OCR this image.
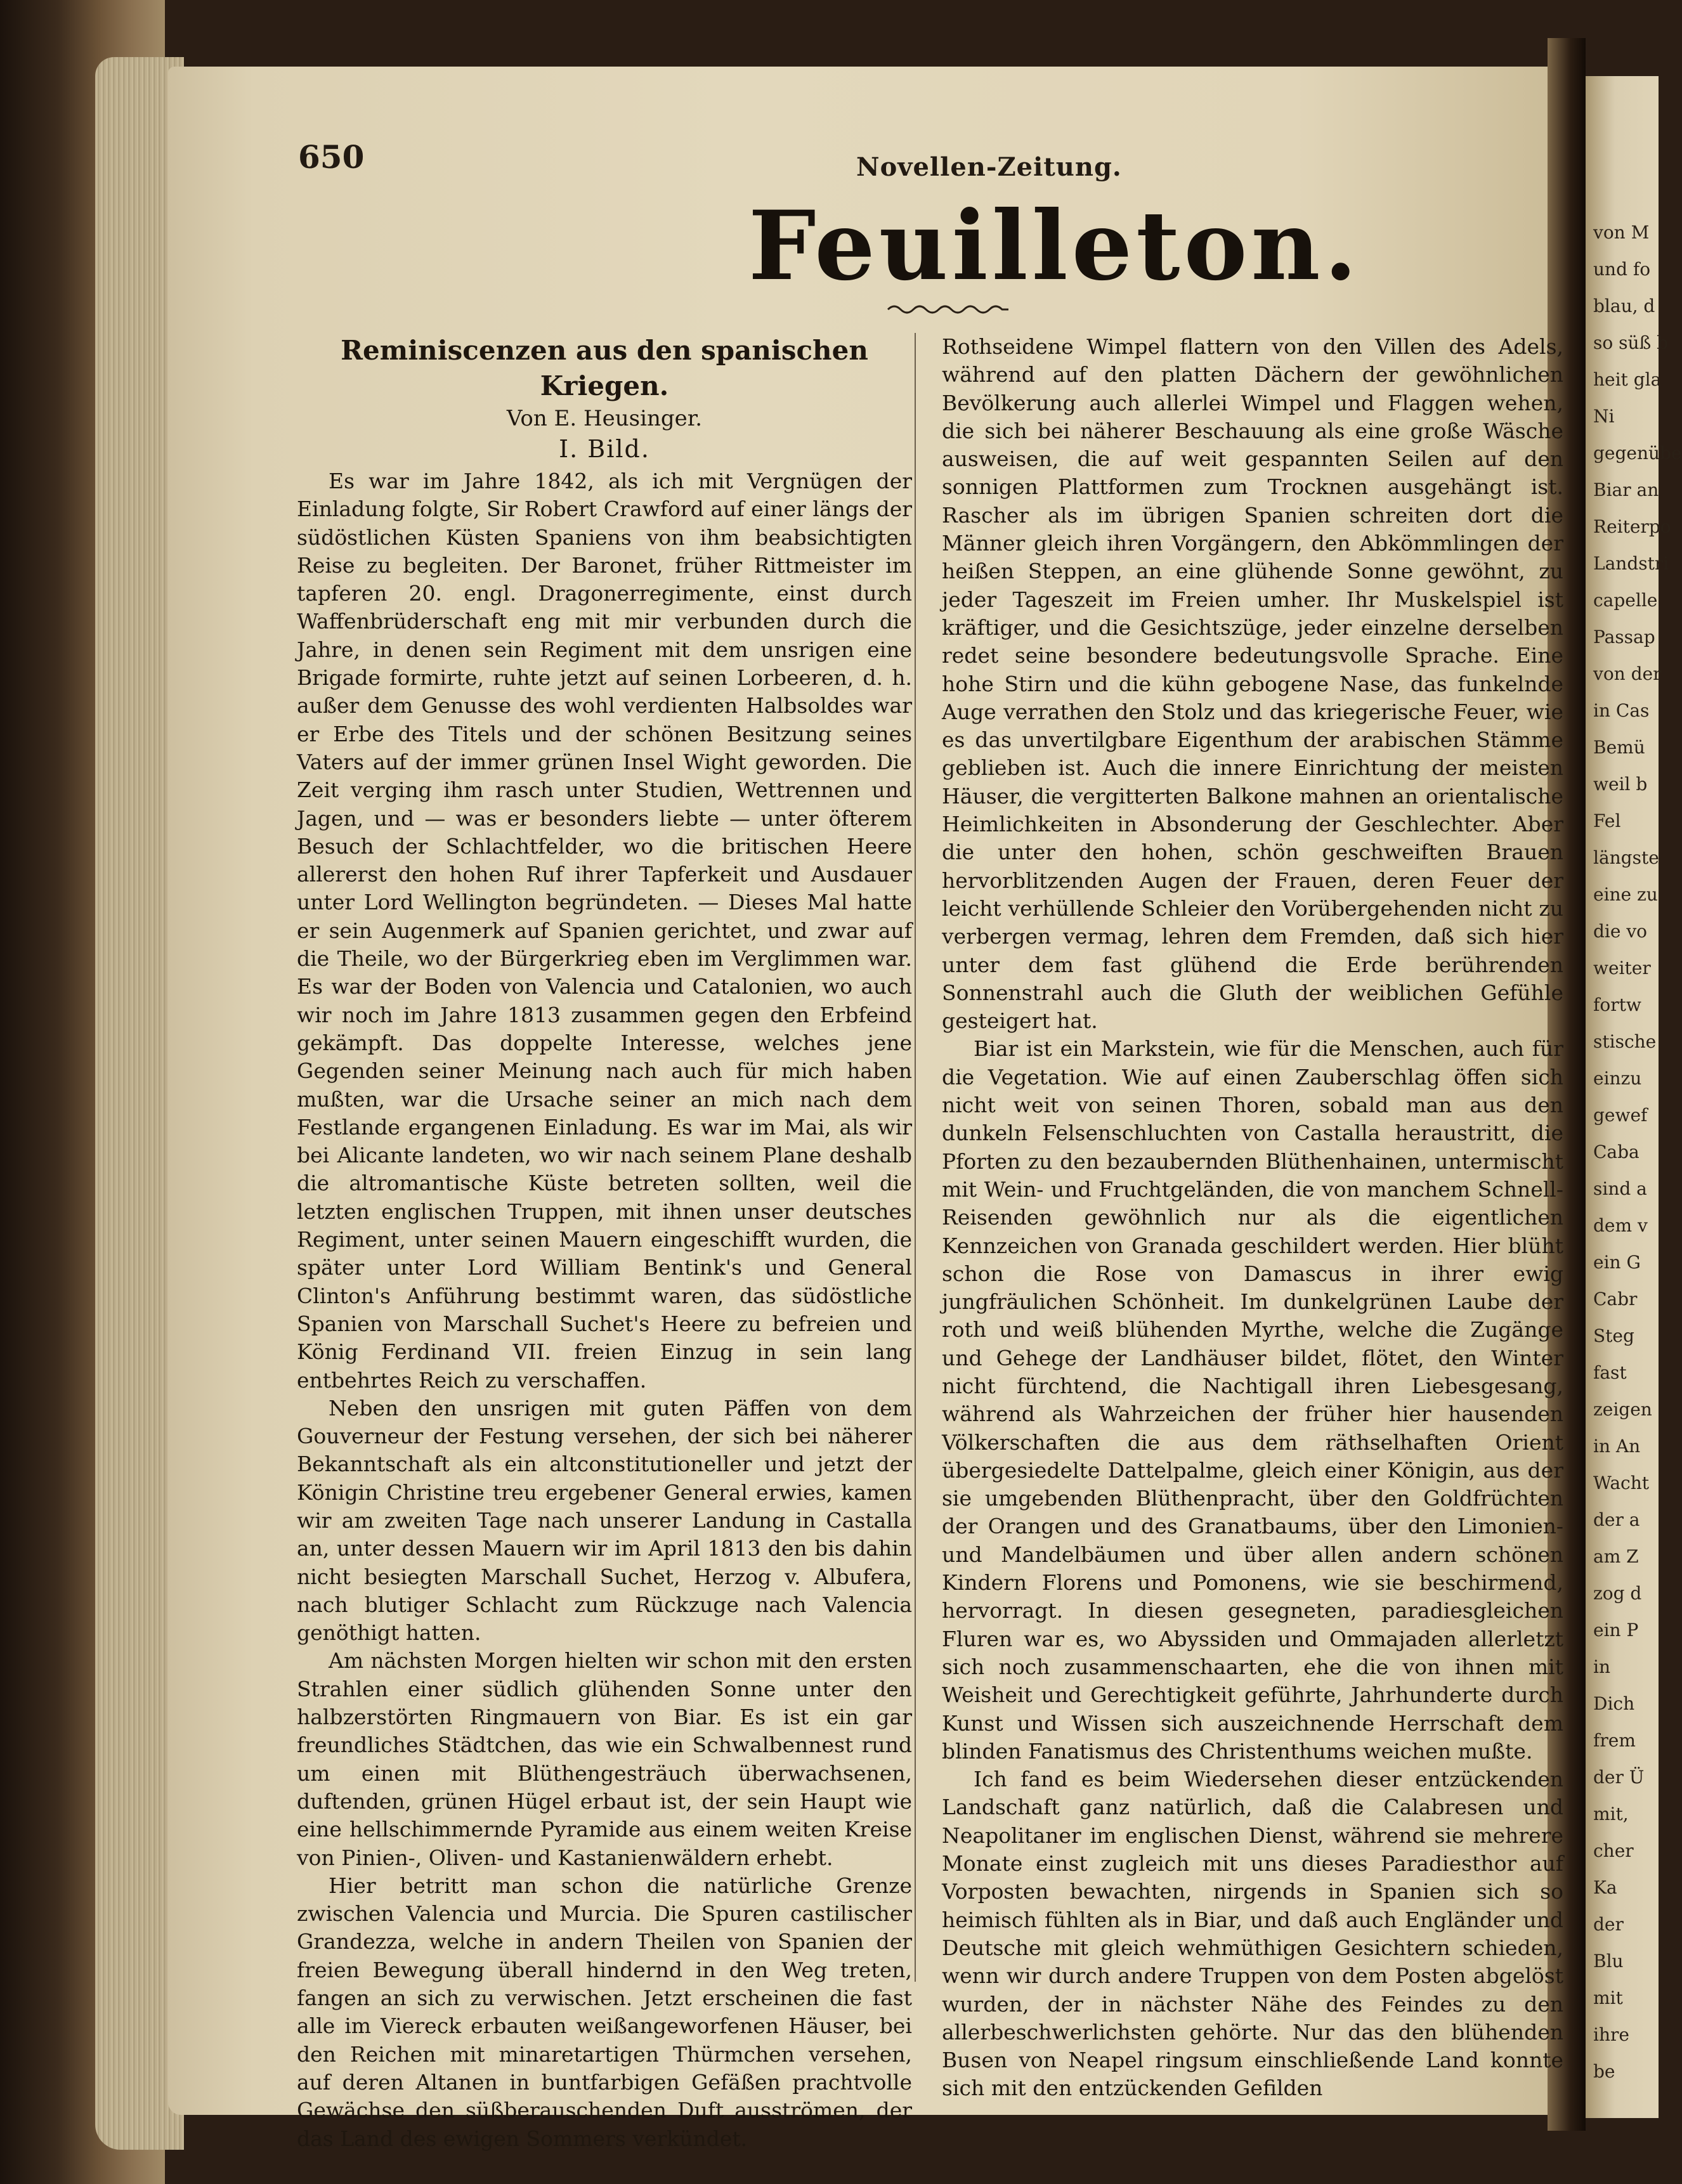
von M
und fo
blau, d
so süß b
heit gla
Ni
gegenübe
Biar an
Reiterpo
Landstri
capelle
Passap
von der
in Cas
Bemü
weil b
Fel
längste
eine zu
die vo
weiter
fortw
stische
einzu
gewef
Caba
sind a
dem v
ein G
Cabr
Steg
fast
zeigen
in An
Wacht
der a
am Z
zog d
ein P
in
Dich
frem
der Ü
mit,
cher
Ka
der
Blu
mit
ihre
be
650	Novellen-Zeitung.
Feuilleton.

Reminiscenzen aus den spanischen Kriegen.

Von E. Heusinger.

I. Bild.

Es war im Jahre 1842, als ich mit Vergnügen der Einladung folgte, Sir Robert Crawford auf einer längs der südöstlichen Küsten Spaniens von ihm beabsichtigten Reise zu begleiten. Der Baronet, früher Rittmeister im tapferen 20. engl. Dragonerregimente, einst durch Waffenbrüderschaft eng mit mir verbunden durch die Jahre, in denen sein Regiment mit dem unsrigen eine Brigade formirte, ruhte jetzt auf seinen Lorbeeren, d. h. außer dem Genusse des wohl verdienten Halbsoldes war er Erbe des Titels und der schönen Besitzung seines Vaters auf der immer grünen Insel Wight geworden. Die Zeit verging ihm rasch unter Studien, Wettrennen und Jagen, und — was er besonders liebte — unter öfterem Besuch der Schlachtfelder, wo die britischen Heere allererst den hohen Ruf ihrer Tapferkeit und Ausdauer unter Lord Wellington begründeten. — Dieses Mal hatte er sein Augenmerk auf Spanien gerichtet, und zwar auf die Theile, wo der Bürgerkrieg eben im Verglimmen war. Es war der Boden von Valencia und Catalonien, wo auch wir noch im Jahre 1813 zusammen gegen den Erbfeind gekämpft. Das doppelte Interesse, welches jene Gegenden seiner Meinung nach auch für mich haben mußten, war die Ursache seiner an mich nach dem Festlande ergangenen Einladung. Es war im Mai, als wir bei Alicante landeten, wo wir nach seinem Plane deshalb die altromantische Küste betreten sollten, weil die letzten englischen Truppen, mit ihnen unser deutsches Regiment, unter seinen Mauern eingeschifft wurden, die später unter Lord William Bentink's und General Clinton's Anführung bestimmt waren, das südöstliche Spanien von Marschall Suchet's Heere zu befreien und König Ferdinand VII. freien Einzug in sein lang entbehrtes Reich zu verschaffen.

Neben den unsrigen mit guten Päffen von dem Gouverneur der Festung versehen, der sich bei näherer Bekanntschaft als ein altconstitutioneller und jetzt der Königin Christine treu ergebener General erwies, kamen wir am zweiten Tage nach unserer Landung in Castalla an, unter dessen Mauern wir im April 1813 den bis dahin nicht besiegten Marschall Suchet, Herzog v. Albufera, nach blutiger Schlacht zum Rückzuge nach Valencia genöthigt hatten.

Am nächsten Morgen hielten wir schon mit den ersten Strahlen einer südlich glühenden Sonne unter den halbzerstörten Ringmauern von Biar. Es ist ein gar freundliches Städtchen, das wie ein Schwalbennest rund um einen mit Blüthengesträuch überwachsenen, duftenden, grünen Hügel erbaut ist, der sein Haupt wie eine hellschimmernde Pyramide aus einem weiten Kreise von Pinien-, Oliven- und Kastanienwäldern erhebt.

Hier betritt man schon die natürliche Grenze zwischen Valencia und Murcia. Die Spuren castilischer Grandezza, welche in andern Theilen von Spanien der freien Bewegung überall hindernd in den Weg treten, fangen an sich zu verwischen. Jetzt erscheinen die fast alle im Viereck erbauten weißangeworfenen Häuser, bei den Reichen mit minaretartigen Thürmchen versehen, auf deren Altanen in buntfarbigen Gefäßen prachtvolle Gewächse den süßberauschenden Duft ausströmen, der das Land des ewigen Sommers verkündet.

Rothseidene Wimpel flattern von den Villen des Adels, während auf den platten Dächern der gewöhnlichen Bevölkerung auch allerlei Wimpel und Flaggen wehen, die sich bei näherer Beschauung als eine große Wäsche ausweisen, die auf weit gespannten Seilen auf den sonnigen Plattformen zum Trocknen ausgehängt ist. Rascher als im übrigen Spanien schreiten dort die Männer gleich ihren Vorgängern, den Abkömmlingen der heißen Steppen, an eine glühende Sonne gewöhnt, zu jeder Tageszeit im Freien umher. Ihr Muskelspiel ist kräftiger, und die Gesichtszüge, jeder einzelne derselben redet seine besondere bedeutungsvolle Sprache. Eine hohe Stirn und die kühn gebogene Nase, das funkelnde Auge verrathen den Stolz und das kriegerische Feuer, wie es das unvertilgbare Eigenthum der arabischen Stämme geblieben ist. Auch die innere Einrichtung der meisten Häuser, die vergitterten Balkone mahnen an orientalische Heimlichkeiten in Absonderung der Geschlechter. Aber die unter den hohen, schön geschweiften Brauen hervorblitzenden Augen der Frauen, deren Feuer der leicht verhüllende Schleier den Vorübergehenden nicht zu verbergen vermag, lehren dem Fremden, daß sich hier unter dem fast glühend die Erde berührenden Sonnenstrahl auch die Gluth der weiblichen Gefühle gesteigert hat.

Biar ist ein Markstein, wie für die Menschen, auch für die Vegetation. Wie auf einen Zauberschlag öffen sich nicht weit von seinen Thoren, sobald man aus den dunkeln Felsenschluchten von Castalla heraustritt, die Pforten zu den bezaubernden Blüthenhainen, untermischt mit Wein- und Fruchtgeländen, die von manchem Schnell-Reisenden gewöhnlich nur als die eigentlichen Kennzeichen von Granada geschildert werden. Hier blüht schon die Rose von Damascus in ihrer ewig jungfräulichen Schönheit. Im dunkelgrünen Laube der roth und weiß blühenden Myrthe, welche die Zugänge und Gehege der Landhäuser bildet, flötet, den Winter nicht fürchtend, die Nachtigall ihren Liebesgesang, während als Wahrzeichen der früher hier hausenden Völkerschaften die aus dem räthselhaften Orient übergesiedelte Dattelpalme, gleich einer Königin, aus der sie umgebenden Blüthenpracht, über den Goldfrüchten der Orangen und des Granatbaums, über den Limonien- und Mandelbäumen und über allen andern schönen Kindern Florens und Pomonens, wie sie beschirmend, hervorragt. In diesen gesegneten, paradiesgleichen Fluren war es, wo Abyssiden und Ommajaden allerletzt sich noch zusammenschaarten, ehe die von ihnen mit Weisheit und Gerechtigkeit geführte, Jahrhunderte durch Kunst und Wissen sich auszeichnende Herrschaft dem blinden Fanatismus des Christenthums weichen mußte.

Ich fand es beim Wiedersehen dieser entzückenden Landschaft ganz natürlich, daß die Calabresen und Neapolitaner im englischen Dienst, während sie mehrere Monate einst zugleich mit uns dieses Paradiesthor auf Vorposten bewachten, nirgends in Spanien sich so heimisch fühlten als in Biar, und daß auch Engländer und Deutsche mit gleich wehmüthigen Gesichtern schieden, wenn wir durch andere Truppen von dem Posten abgelöst wurden, der in nächster Nähe des Feindes zu den allerbeschwerlichsten gehörte. Nur das den blühenden Busen von Neapel ringsum einschließende Land konnte sich mit den entzückenden Gefilden
